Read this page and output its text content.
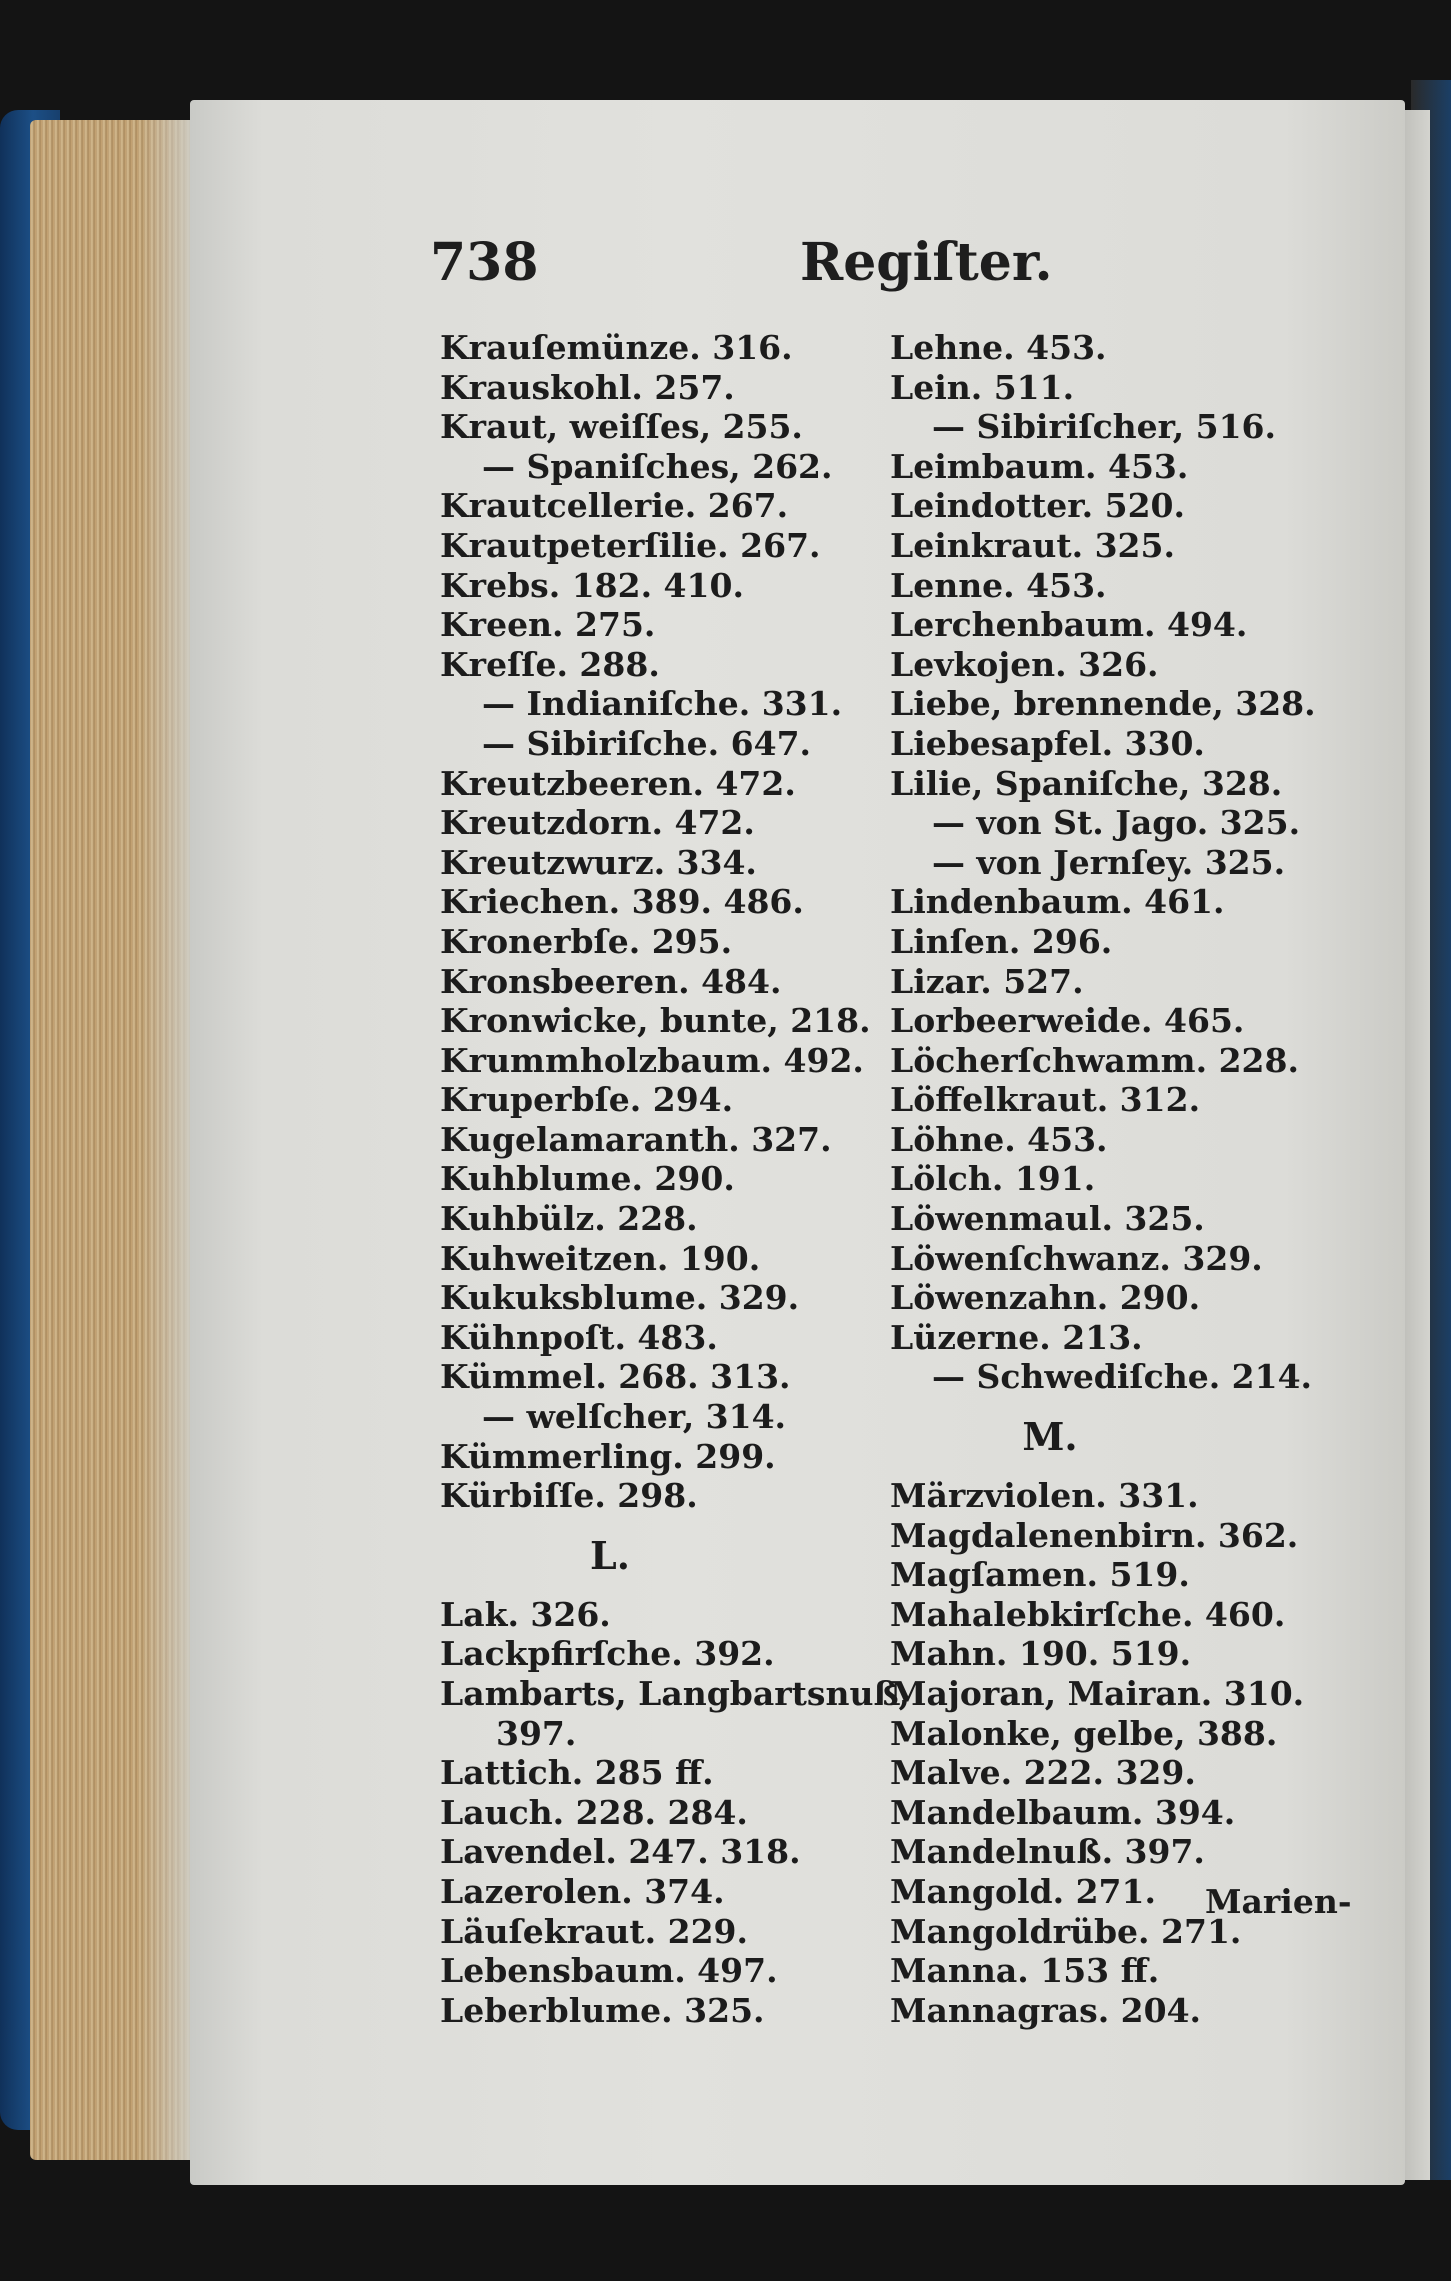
738	Regiſter.
Krauſemünze. 316.
Krauskohl. 257.
Kraut, weiſſes, 255.
— Spaniſches, 262.
Krautcellerie. 267.
Krautpeterſilie. 267.
Krebs. 182. 410.
Kreen. 275.
Kreſſe. 288.
— Indianiſche. 331.
— Sibiriſche. 647.
Kreutzbeeren. 472.
Kreutzdorn. 472.
Kreutzwurz. 334.
Kriechen. 389. 486.
Kronerbſe. 295.
Kronsbeeren. 484.
Kronwicke, bunte, 218.
Krummholzbaum. 492.
Kruperbſe. 294.
Kugelamaranth. 327.
Kuhblume. 290.
Kuhbülz. 228.
Kuhweitzen. 190.
Kukuksblume. 329.
Kühnpoſt. 483.
Kümmel. 268. 313.
— welſcher, 314.
Kümmerling. 299.
Kürbiſſe. 298.
L.
Lak. 326.
Lackpfirſche. 392.
Lambarts, Langbartsnuß,
397.
Lattich. 285 ff.
Lauch. 228. 284.
Lavendel. 247. 318.
Lazerolen. 374.
Läuſekraut. 229.
Lebensbaum. 497.
Leberblume. 325.
Lehne. 453.
Lein. 511.
— Sibiriſcher, 516.
Leimbaum. 453.
Leindotter. 520.
Leinkraut. 325.
Lenne. 453.
Lerchenbaum. 494.
Levkojen. 326.
Liebe, brennende, 328.
Liebesapfel. 330.
Lilie, Spaniſche, 328.
— von St. Jago. 325.
— von Jernſey. 325.
Lindenbaum. 461.
Linſen. 296.
Lizar. 527.
Lorbeerweide. 465.
Löcherſchwamm. 228.
Löffelkraut. 312.
Löhne. 453.
Lölch. 191.
Löwenmaul. 325.
Löwenſchwanz. 329.
Löwenzahn. 290.
Lüzerne. 213.
— Schwediſche. 214.
M.
Märzviolen. 331.
Magdalenenbirn. 362.
Magſamen. 519.
Mahalebkirſche. 460.
Mahn. 190. 519.
Majoran, Mairan. 310.
Malonke, gelbe, 388.
Malve. 222. 329.
Mandelbaum. 394.
Mandelnuß. 397.
Mangold. 271.
Mangoldrübe. 271.
Manna. 153 ff.
Mannagras. 204.
Marien-
